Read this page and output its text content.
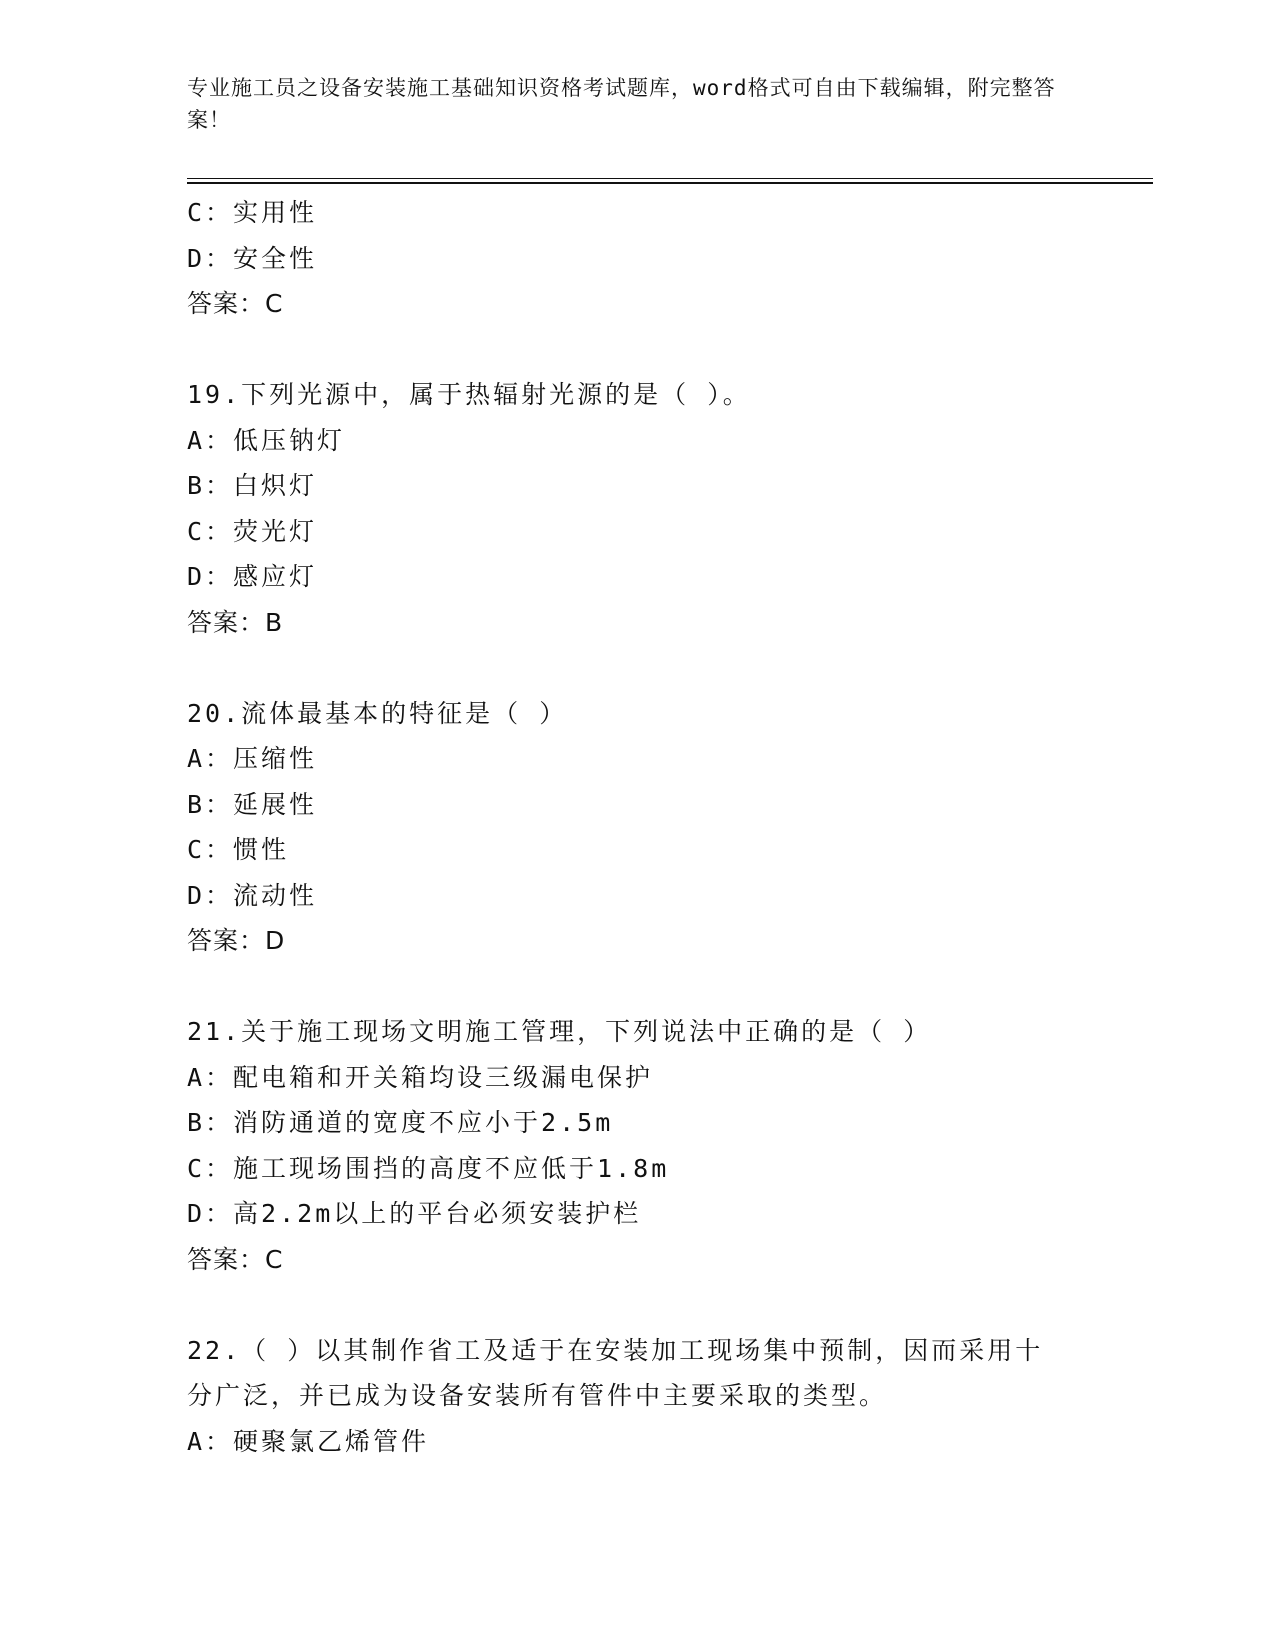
专业施工员之设备安装施工基础知识资格考试题库，word格式可自由下载编辑，附完整答案！
C：实用性
D：安全性
答案：C
19.下列光源中，属于热辐射光源的是（ ）。
A：低压钠灯
B：白炽灯
C：荧光灯
D：感应灯
答案：B
20.流体最基本的特征是（ ）
A：压缩性
B：延展性
C：惯性
D：流动性
答案：D
21.关于施工现场文明施工管理，下列说法中正确的是（ ）
A：配电箱和开关箱均设三级漏电保护
B：消防通道的宽度不应小于2.5m
C：施工现场围挡的高度不应低于1.8m
D：高2.2m以上的平台必须安装护栏
答案：C
22.（ ）以其制作省工及适于在安装加工现场集中预制，因而采用十
分广泛，并已成为设备安装所有管件中主要采取的类型。
A：硬聚氯乙烯管件
